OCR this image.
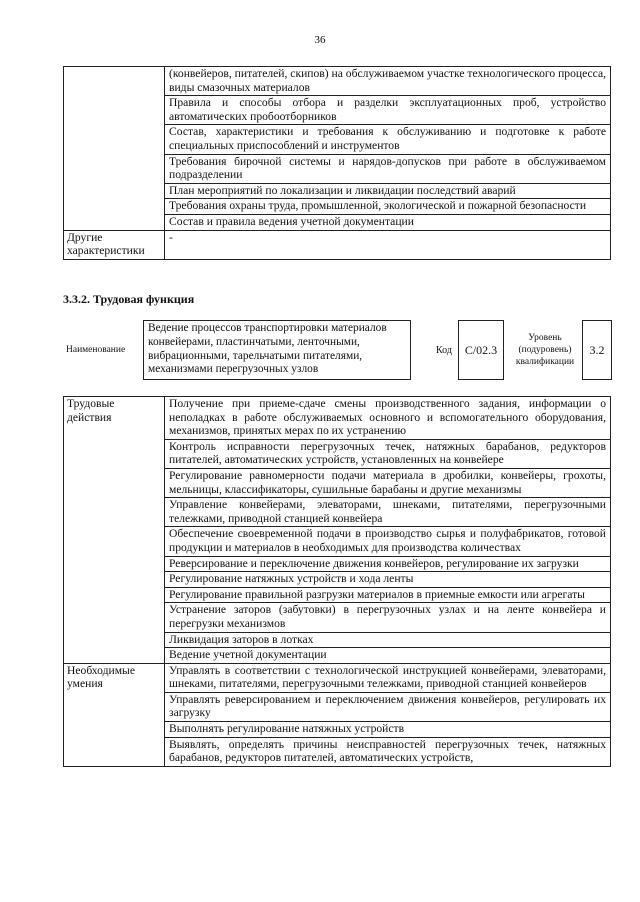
36
	(конвейеров, питателей, скипов) на обслуживаемом участке технологического процесса, виды смазочных материалов
	Правила и способы отбора и разделки эксплуатационных проб, устройство автоматических пробоотборников
	Состав, характеристики и требования к обслуживанию и подготовке к работе специальных приспособлений и инструментов
	Требования бирочной системы и нарядов-допусков при работе в обслуживаемом подразделении
	План мероприятий по локализации и ликвидации последствий аварий
	Требования охраны труда, промышленной, экологической и пожарной безопасности
	Состав и правила ведения учетной документации
Другие характеристики	-
3.3.2. Трудовая функция
Наименование
Ведение процессов транспортировки материалов конвейерами, пластинчатыми, ленточными, вибрационными, тарельчатыми питателями, механизмами перегрузочных узлов
Код	C/02.3
Уровень (подуровень) квалификации
3.2
Трудовые действия	Получение при приеме-сдаче смены производственного задания, информации о неполадках в работе обслуживаемых основного и вспомогательного оборудования, механизмов, принятых мерах по их устранению
	Контроль исправности перегрузочных течек, натяжных барабанов, редукторов питателей, автоматических устройств, установленных на конвейере
	Регулирование равномерности подачи материала в дробилки, конвейеры, грохоты, мельницы, классификаторы, сушильные барабаны и другие механизмы
	Управление конвейерами, элеваторами, шнеками, питателями, перегрузочными тележками, приводной станцией конвейера
	Обеспечение своевременной подачи в производство сырья и полуфабрикатов, готовой продукции и материалов в необходимых для производства количествах
	Реверсирование и переключение движения конвейеров, регулирование их загрузки
	Регулирование натяжных устройств и хода ленты
	Регулирование правильной разгрузки материалов в приемные емкости или агрегаты
	Устранение заторов (забутовки) в перегрузочных узлах и на ленте конвейера и перегрузки механизмов
	Ликвидация заторов в лотках
	Ведение учетной документации
Необходимые умения	Управлять в соответствии с технологической инструкцией конвейерами, элеваторами, шнеками, питателями, перегрузочными тележками, приводной станцией конвейеров
	Управлять реверсированием и переключением движения конвейеров, регулировать их загрузку
	Выполнять регулирование натяжных устройств
	Выявлять, определять причины неисправностей перегрузочных течек, натяжных барабанов, редукторов питателей, автоматических устройств,
